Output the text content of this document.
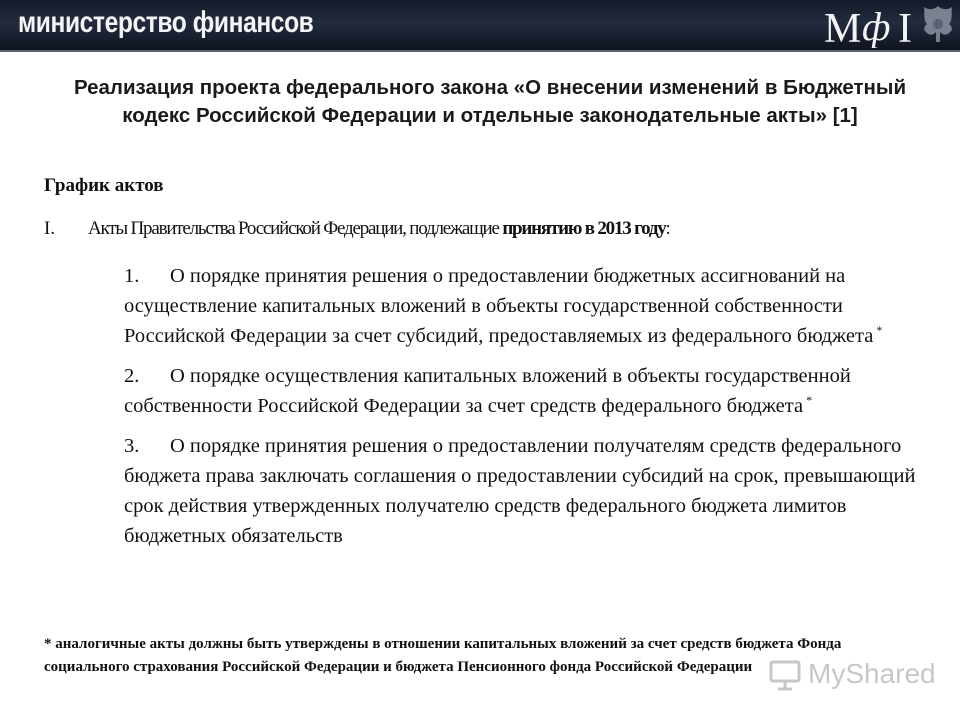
министерство финансов	М ф I
Реализация проекта федерального закона «О внесении изменений в Бюджетный кодекс Российской Федерации и отдельные законодательные акты» [1]
График актов
I. Акты Правительства Российской Федерации, подлежащие принятию в 2013 году:
1. О порядке принятия решения о предоставлении бюджетных ассигнований на осуществление капитальных вложений в объекты государственной собственности Российской Федерации за счет субсидий, предоставляемых из федерального бюджета *
2. О порядке осуществления капитальных вложений в объекты государственной собственности Российской Федерации за счет средств федерального бюджета *
3. О порядке принятия решения о предоставлении получателям средств федерального бюджета права заключать соглашения о предоставлении субсидий на срок, превышающий срок действия утвержденных получателю средств федерального бюджета лимитов бюджетных обязательств
* аналогичные акты должны быть утверждены в отношении капитальных вложений за счет средств бюджета Фонда социального страхования Российской Федерации и бюджета Пенсионного фонда Российской Федерации	MyShared
